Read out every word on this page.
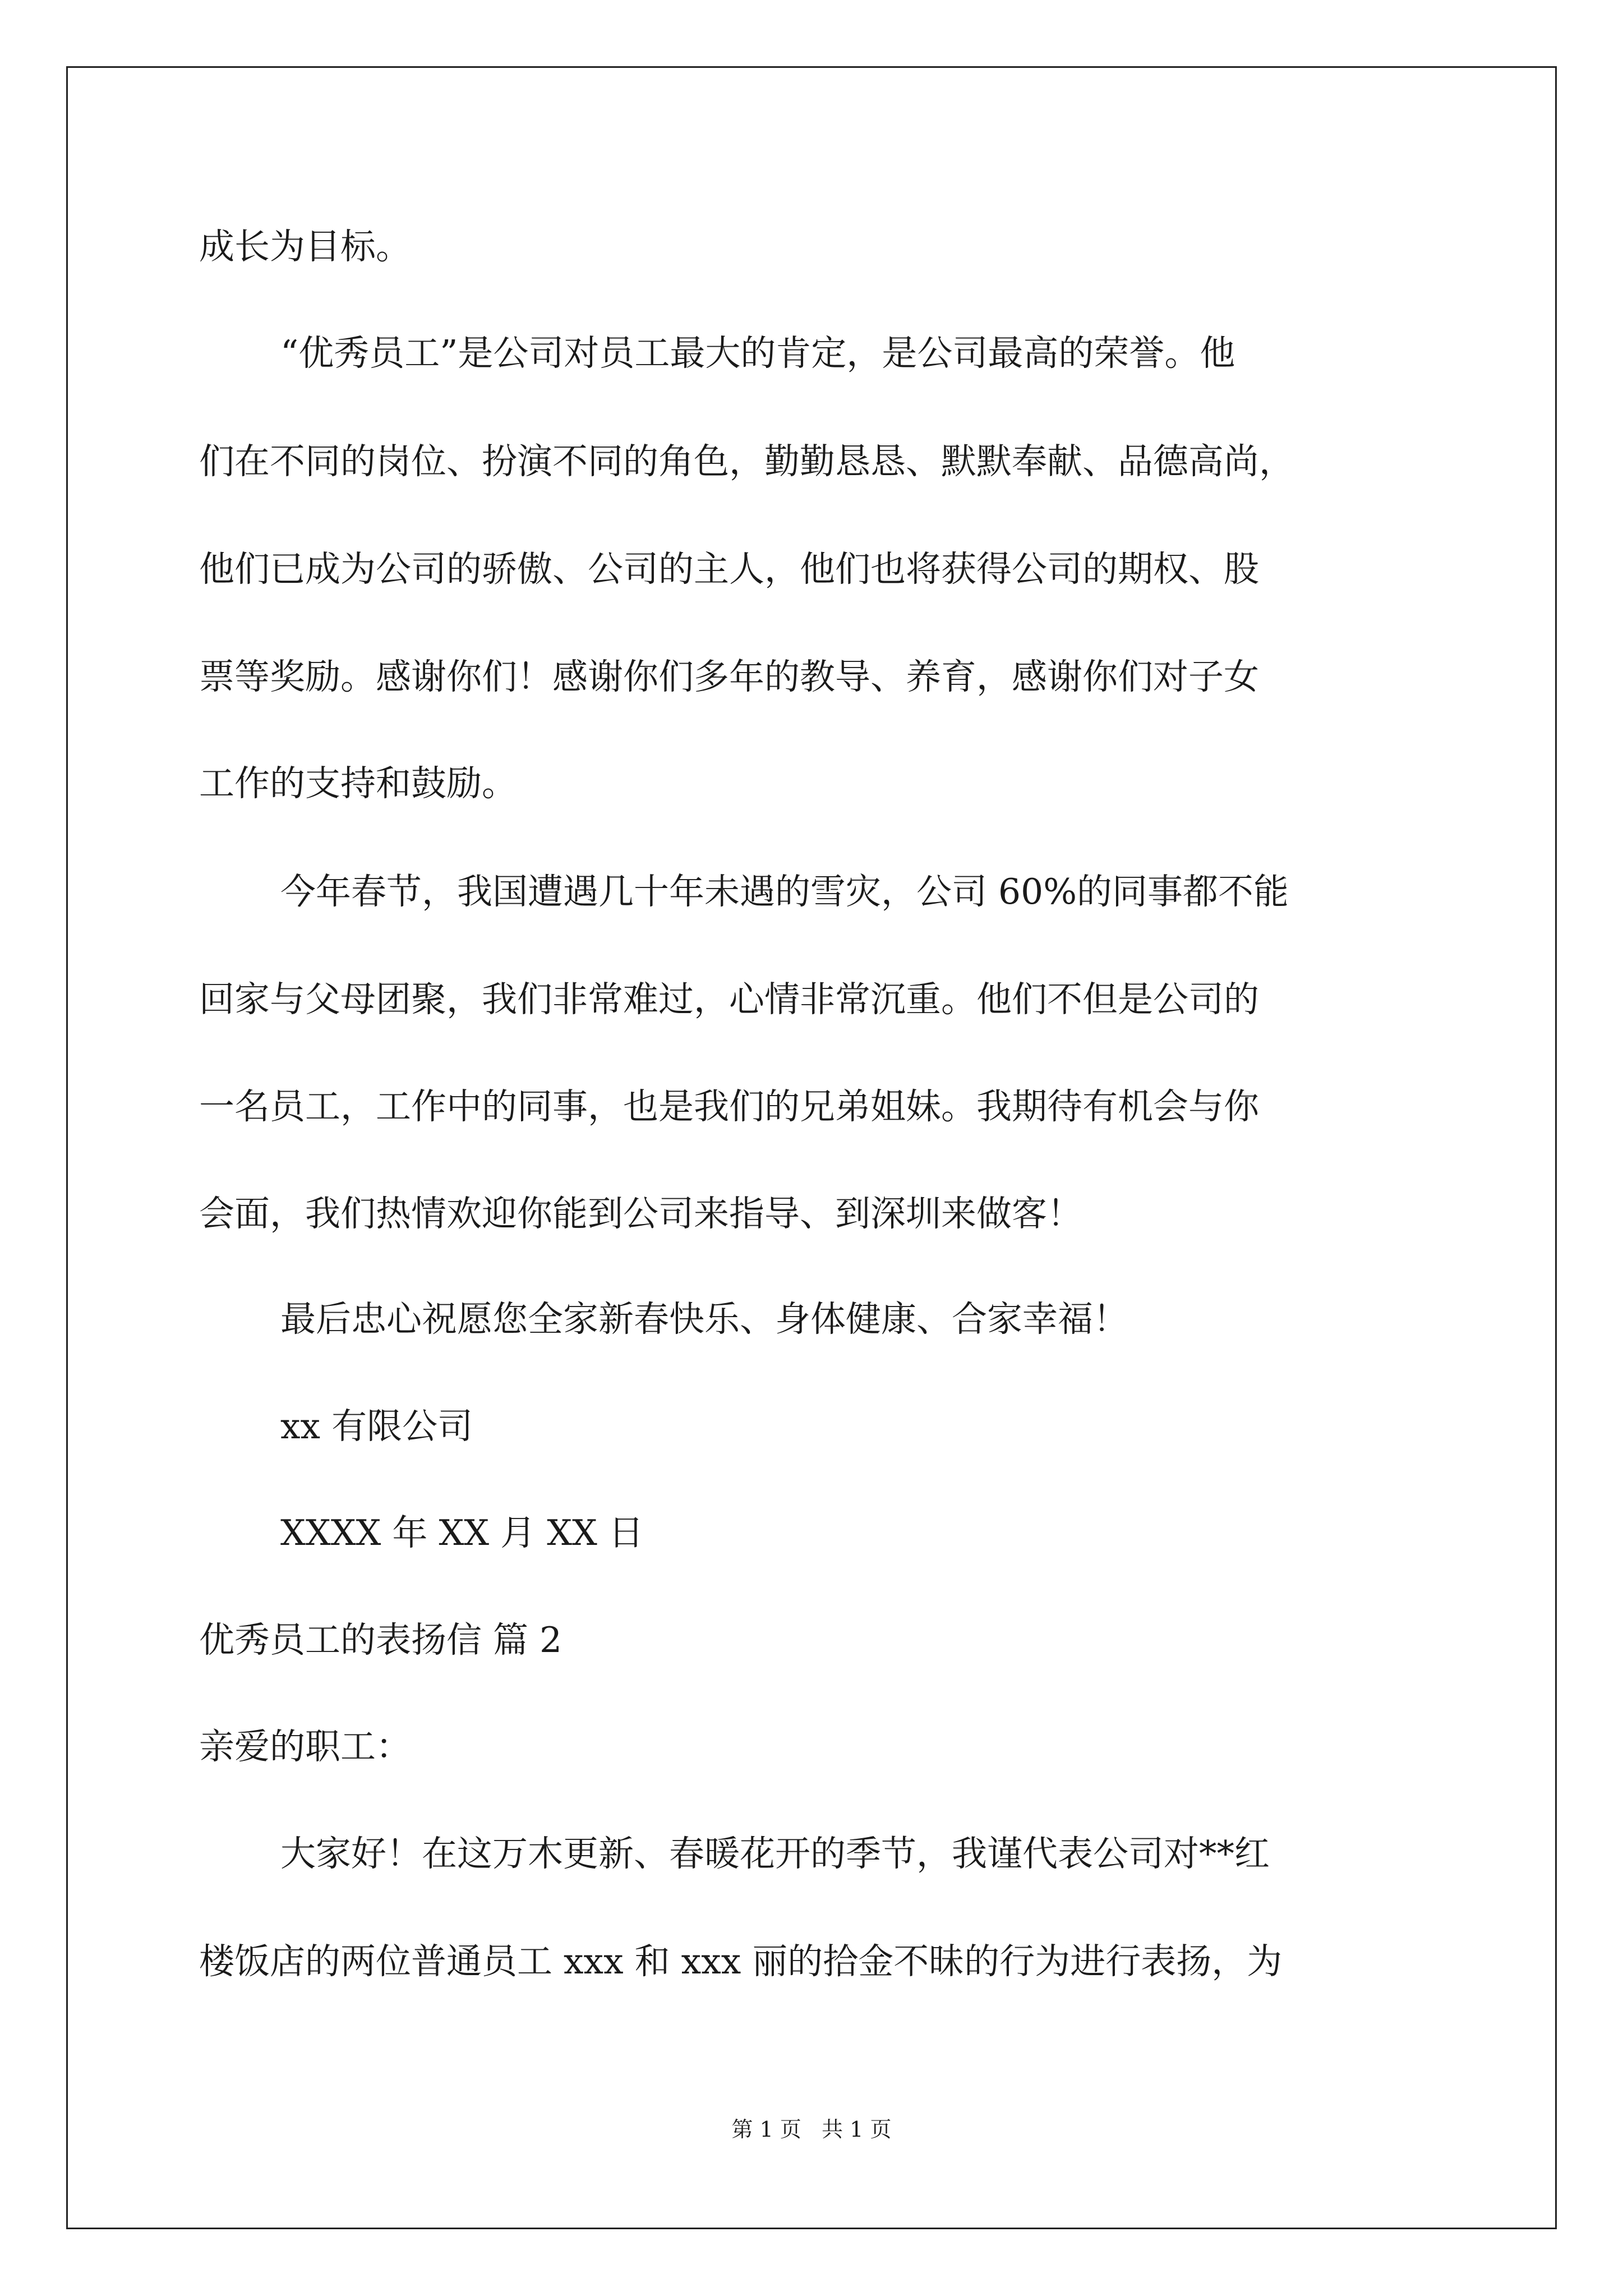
成长为目标。

“优秀员工”是公司对员工最大的肯定，是公司最高的荣誉。他

们在不同的岗位、扮演不同的角色，勤勤恳恳、默默奉献、品德高尚，

他们已成为公司的骄傲、公司的主人，他们也将获得公司的期权、股

票等奖励。感谢你们！感谢你们多年的教导、养育，感谢你们对子女

工作的支持和鼓励。

今年春节，我国遭遇几十年未遇的雪灾，公司 60%的同事都不能

回家与父母团聚，我们非常难过，心情非常沉重。他们不但是公司的

一名员工，工作中的同事，也是我们的兄弟姐妹。我期待有机会与你

会面，我们热情欢迎你能到公司来指导、到深圳来做客！

最后忠心祝愿您全家新春快乐、身体健康、合家幸福！

xx 有限公司

XXXX 年 XX 月 XX 日

优秀员工的表扬信 篇 2

亲爱的职工：

大家好！在这万木更新、春暖花开的季节，我谨代表公司对**红

楼饭店的两位普通员工 xxx 和 xxx 丽的拾金不昧的行为进行表扬，为

第 1 页   共 1 页
